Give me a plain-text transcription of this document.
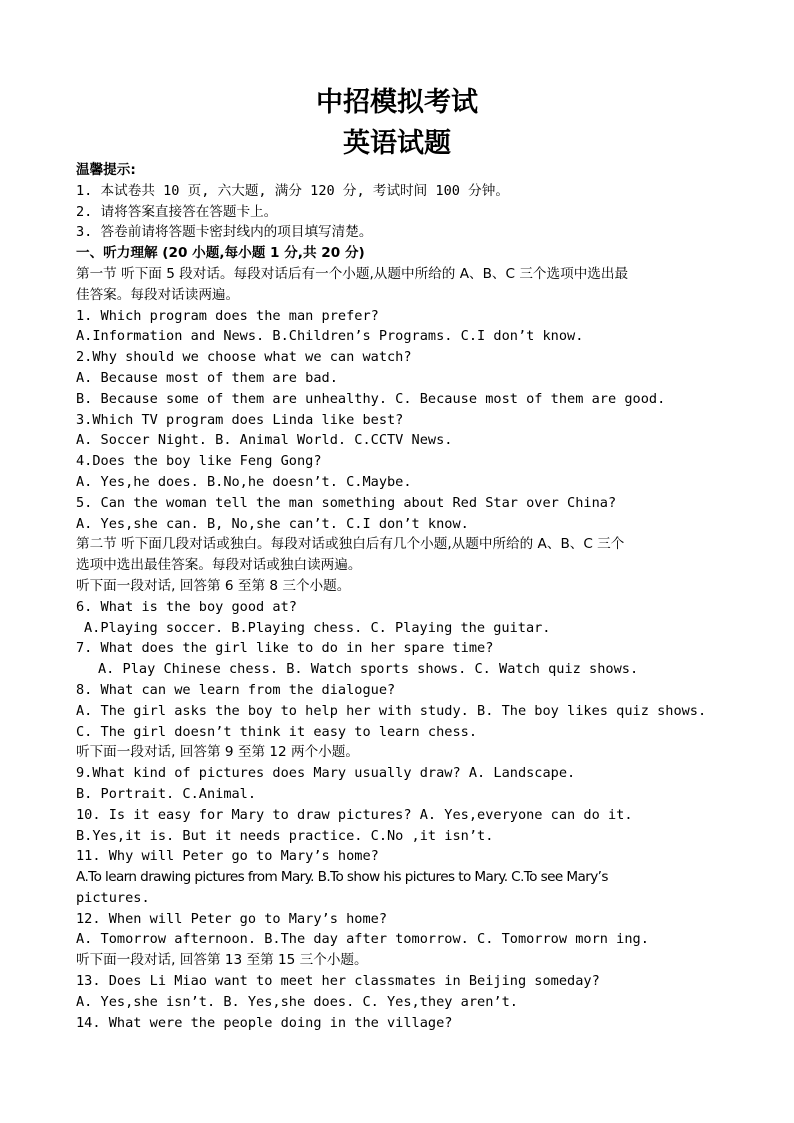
中招模拟考试
英语试题
温馨提示:
1. 本试卷共 10 页, 六大题, 满分 120 分, 考试时间 100 分钟。
2. 请将答案直接答在答题卡上。
3. 答卷前请将答题卡密封线内的项目填写清楚。
一、听力理解 (20 小题,每小题 1 分,共 20 分)
第一节 听下面 5 段对话。每段对话后有一个小题,从题中所给的 A、B、C 三个选项中选出最
佳答案。每段对话读两遍。
1. Which program does the man prefer?
A.Information and News. B.Children’s Programs. C.I don’t know.
2.Why should we choose what we can watch?
A. Because most of them are bad.
B. Because some of them are unhealthy. C. Because most of them are good.
3.Which TV program does Linda like best?
A. Soccer Night. B. Animal World. C.CCTV News.
4.Does the boy like Feng Gong?
A. Yes,he does. B.No,he doesn’t. C.Maybe.
5. Can the woman tell the man something about Red Star over China?
A. Yes,she can. B, No,she can’t. C.I don’t know.
第二节 听下面几段对话或独白。每段对话或独白后有几个小题,从题中所给的 A、B、C 三个
选项中选出最佳答案。每段对话或独白读两遍。
听下面一段对话, 回答第 6 至第 8 三个小题。
6. What is the boy good at?
A.Playing soccer. B.Playing chess. C. Playing the guitar.
7. What does the girl like to do in her spare time?
A. Play Chinese chess. B. Watch sports shows. C. Watch quiz shows.
8. What can we learn from the dialogue?
A. The girl asks the boy to help her with study. B. The boy likes quiz shows.
C. The girl doesn’t think it easy to learn chess.
听下面一段对话, 回答第 9 至第 12 两个小题。
9.What kind of pictures does Mary usually draw? A. Landscape.
B. Portrait. C.Animal.
10. Is it easy for Mary to draw pictures? A. Yes,everyone can do it.
B.Yes,it is. But it needs practice. C.No ,it isn’t.
11. Why will Peter go to Mary’s home?
A.To learn drawing pictures from Mary. B.To show his pictures to Mary. C.To see Mary’s
pictures.
12. When will Peter go to Mary’s home?
A. Tomorrow afternoon. B.The day after tomorrow. C. Tomorrow morn ing.
听下面一段对话, 回答第 13 至第 15 三个小题。
13. Does Li Miao want to meet her classmates in Beijing someday?
A. Yes,she isn’t. B. Yes,she does. C. Yes,they aren’t.
14. What were the people doing in the village?
